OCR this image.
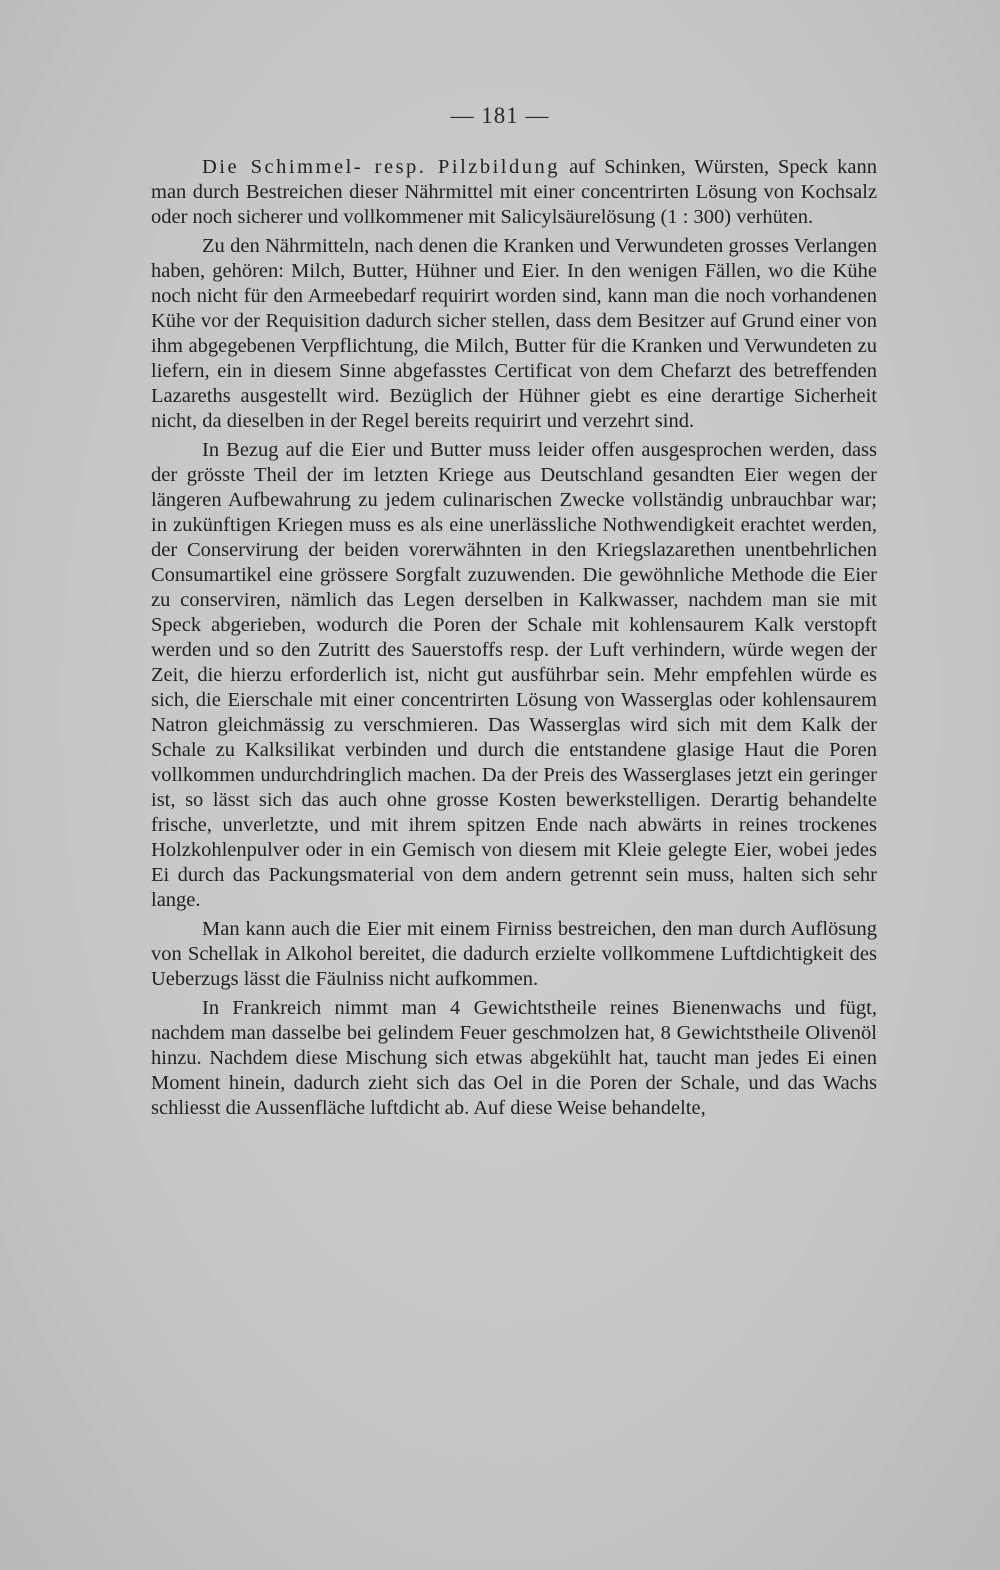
— 181 —

Die Schimmel- resp. Pilzbildung auf Schinken, Würsten, Speck kann man durch Bestreichen dieser Nährmittel mit einer concentrirten Lösung von Kochsalz oder noch sicherer und vollkommener mit Salicylsäurelösung (1 : 300) verhüten.

Zu den Nährmitteln, nach denen die Kranken und Verwundeten grosses Verlangen haben, gehören: Milch, Butter, Hühner und Eier. In den wenigen Fällen, wo die Kühe noch nicht für den Armeebedarf requirirt worden sind, kann man die noch vorhandenen Kühe vor der Requisition dadurch sicher stellen, dass dem Besitzer auf Grund einer von ihm abgegebenen Verpflichtung, die Milch, Butter für die Kranken und Verwundeten zu liefern, ein in diesem Sinne abgefasstes Certificat von dem Chefarzt des betreffenden Lazareths ausgestellt wird. Bezüglich der Hühner giebt es eine derartige Sicherheit nicht, da dieselben in der Regel bereits requirirt und verzehrt sind.

In Bezug auf die Eier und Butter muss leider offen ausgesprochen werden, dass der grösste Theil der im letzten Kriege aus Deutschland gesandten Eier wegen der längeren Aufbewahrung zu jedem culinarischen Zwecke vollständig unbrauchbar war; in zukünftigen Kriegen muss es als eine unerlässliche Nothwendigkeit erachtet werden, der Conservirung der beiden vorerwähnten in den Kriegslazarethen unentbehrlichen Consumartikel eine grössere Sorgfalt zuzuwenden. Die gewöhnliche Methode die Eier zu conserviren, nämlich das Legen derselben in Kalkwasser, nachdem man sie mit Speck abgerieben, wodurch die Poren der Schale mit kohlensaurem Kalk verstopft werden und so den Zutritt des Sauerstoffs resp. der Luft verhindern, würde wegen der Zeit, die hierzu erforderlich ist, nicht gut ausführbar sein. Mehr empfehlen würde es sich, die Eierschale mit einer concentrirten Lösung von Wasserglas oder kohlensaurem Natron gleichmässig zu verschmieren. Das Wasserglas wird sich mit dem Kalk der Schale zu Kalksilikat verbinden und durch die entstandene glasige Haut die Poren vollkommen undurchdringlich machen. Da der Preis des Wasserglases jetzt ein geringer ist, so lässt sich das auch ohne grosse Kosten bewerkstelligen. Derartig behandelte frische, unverletzte, und mit ihrem spitzen Ende nach abwärts in reines trockenes Holzkohlenpulver oder in ein Gemisch von diesem mit Kleie gelegte Eier, wobei jedes Ei durch das Packungsmaterial von dem andern getrennt sein muss, halten sich sehr lange.

Man kann auch die Eier mit einem Firniss bestreichen, den man durch Auflösung von Schellak in Alkohol bereitet, die dadurch erzielte vollkommene Luftdichtigkeit des Ueberzugs lässt die Fäulniss nicht aufkommen.

In Frankreich nimmt man 4 Gewichtstheile reines Bienenwachs und fügt, nachdem man dasselbe bei gelindem Feuer geschmolzen hat, 8 Gewichtstheile Olivenöl hinzu. Nachdem diese Mischung sich etwas abgekühlt hat, taucht man jedes Ei einen Moment hinein, dadurch zieht sich das Oel in die Poren der Schale, und das Wachs schliesst die Aussenfläche luftdicht ab. Auf diese Weise behandelte,
